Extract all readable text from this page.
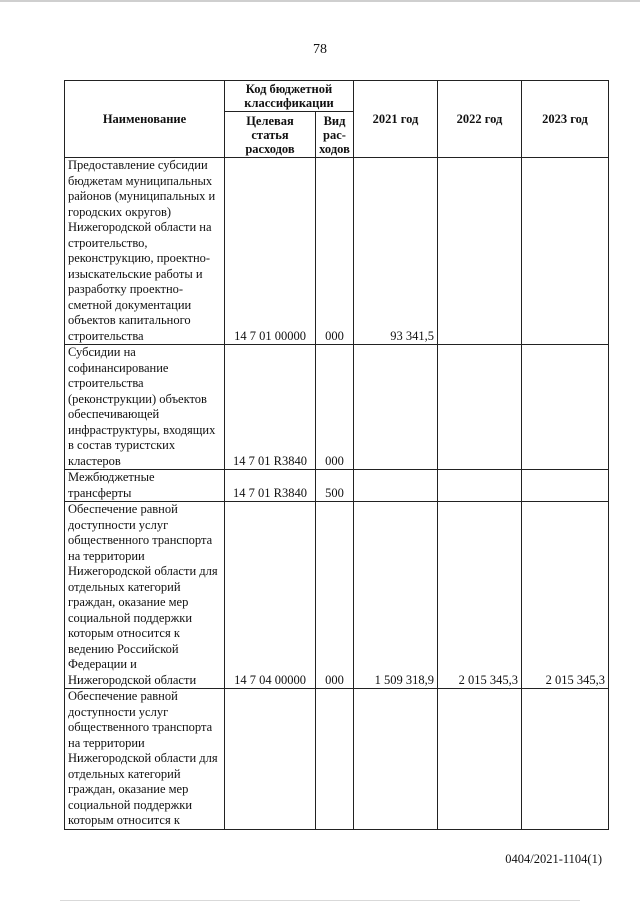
78
Наименование	Код бюджетной классификации		2021 год	2022 год	2023 год
	Целевая статья расходов	Вид рас-ходов			
Предоставление субсидии бюджетам муниципальных районов (муниципальных и городских округов) Нижегородской области на строительство, реконструкцию, проектно-изыскательские работы и разработку проектно-сметной документации объектов капитального строительства	14 7 01 00000	000	93 341,5		
Субсидии на софинансирование строительства (реконструкции) объектов обеспечивающей инфраструктуры, входящих в состав туристских кластеров	14 7 01 R3840	000			
Межбюджетные трансферты	14 7 01 R3840	500			
Обеспечение равной доступности услуг общественного транспорта на территории Нижегородской области для отдельных категорий граждан, оказание мер социальной поддержки которым относится к ведению Российской Федерации и Нижегородской области	14 7 04 00000	000	1 509 318,9	2 015 345,3	2 015 345,3
Обеспечение равной доступности услуг общественного транспорта на территории Нижегородской области для отдельных категорий граждан, оказание мер социальной поддержки которым относится к					
0404/2021-1104(1)
